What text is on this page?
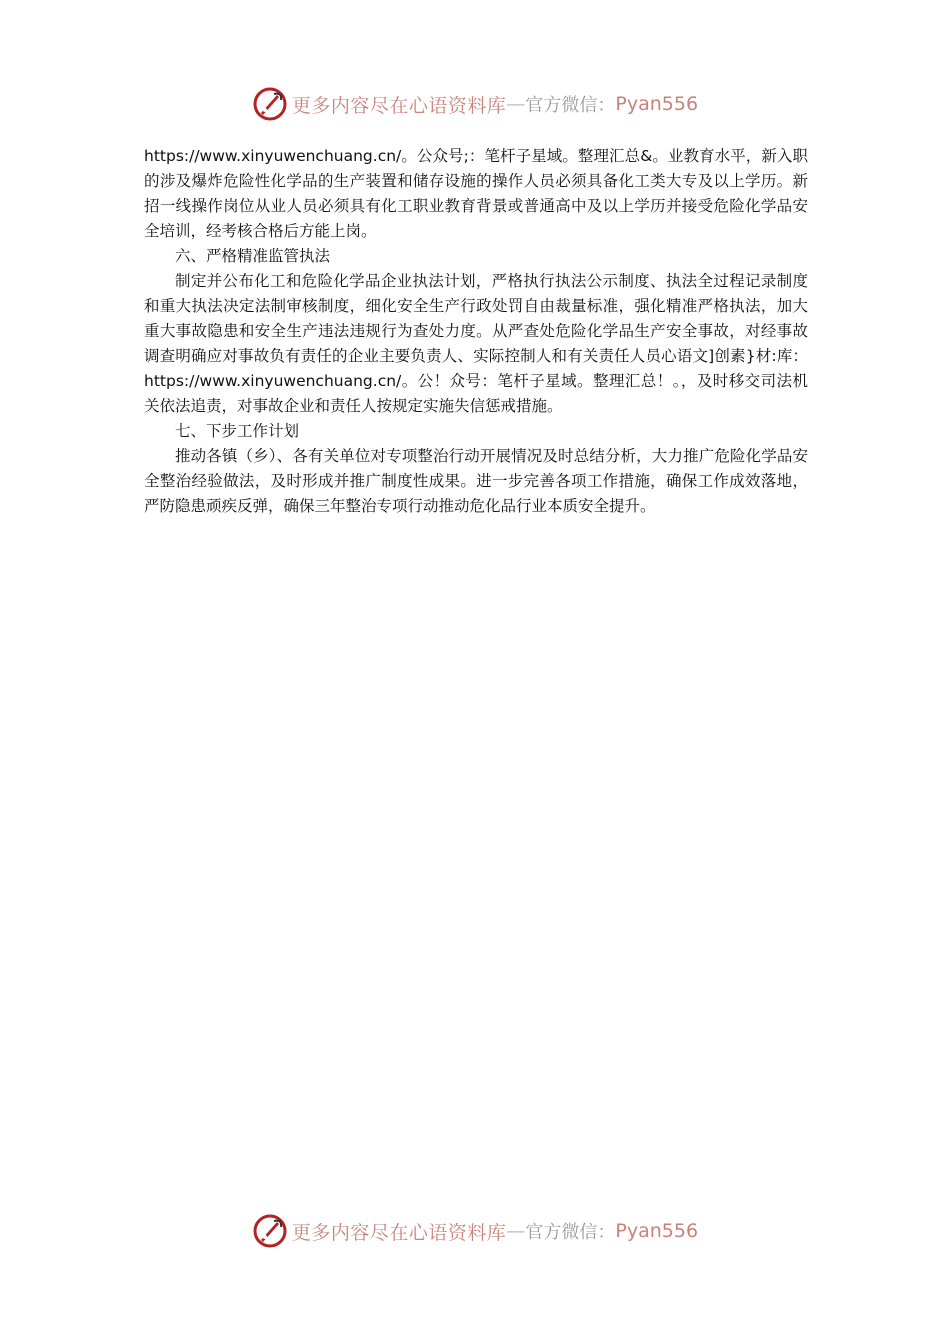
更多内容尽在心语资料库 — 官方微信： Pyan556

https://www.xinyuwenchuang.cn/。公众号;：笔杆子星域。整理汇总&。业教育水平，新入职的涉及爆炸危险性化学品的生产装置和储存设施的操作人员必须具备化工类大专及以上学历。新招一线操作岗位从业人员必须具有化工职业教育背景或普通高中及以上学历并接受危险化学品安全培训，经考核合格后方能上岗。

六、严格精准监管执法

制定并公布化工和危险化学品企业执法计划，严格执行执法公示制度、执法全过程记录制度和重大执法决定法制审核制度，细化安全生产行政处罚自由裁量标准，强化精准严格执法，加大重大事故隐患和安全生产违法违规行为查处力度。从严查处危险化学品生产安全事故，对经事故调查明确应对事故负有责任的企业主要负责人、实际控制人和有关责任人员心语文]创素}材:库：https://www.xinyuwenchuang.cn/。公！众号：笔杆子星域。整理汇总！。，及时移交司法机关依法追责，对事故企业和责任人按规定实施失信惩戒措施。

七、下步工作计划

推动各镇（乡）、各有关单位对专项整治行动开展情况及时总结分析，大力推广危险化学品安全整治经验做法，及时形成并推广制度性成果。进一步完善各项工作措施，确保工作成效落地，严防隐患顽疾反弹，确保三年整治专项行动推动危化品行业本质安全提升。

更多内容尽在心语资料库 — 官方微信： Pyan556
